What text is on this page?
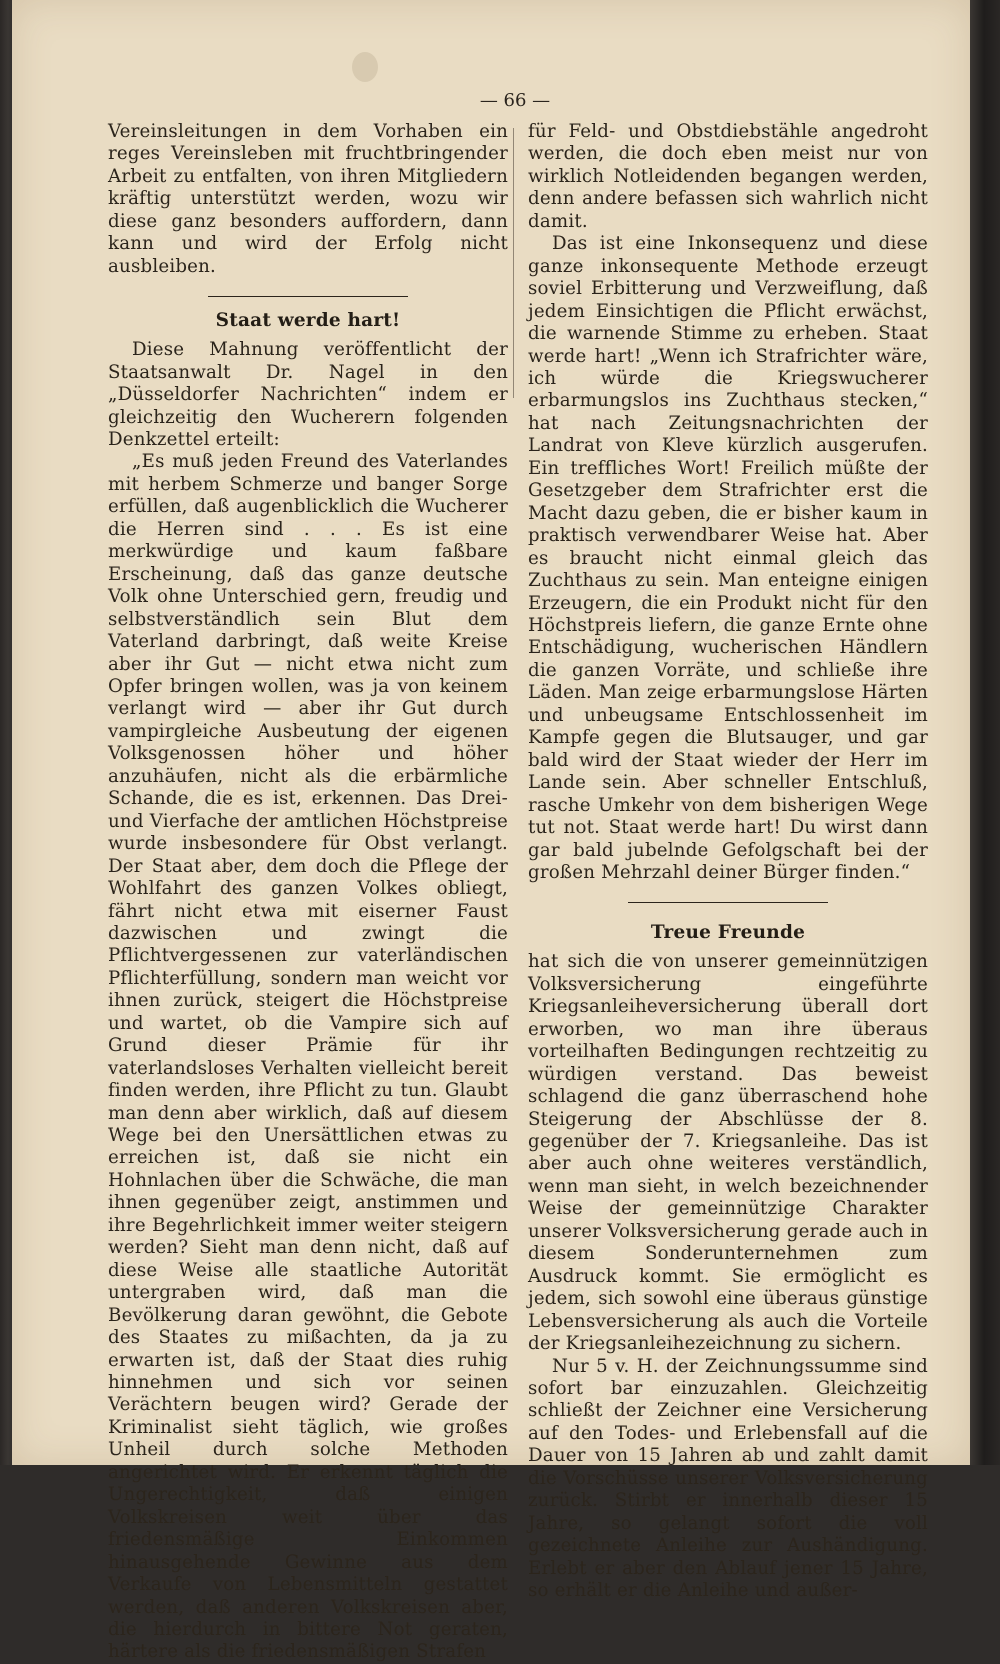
— 66 —

Vereinsleitungen in dem Vorhaben ein reges Vereinsleben mit fruchtbringender Arbeit zu entfalten, von ihren Mitgliedern kräftig unterstützt werden, wozu wir diese ganz besonders auffordern, dann kann und wird der Erfolg nicht ausbleiben.

Staat werde hart!

Diese Mahnung veröffentlicht der Staatsanwalt Dr. Nagel in den „Düsseldorfer Nachrichten“ indem er gleichzeitig den Wucherern folgenden Denkzettel erteilt:

„Es muß jeden Freund des Vaterlandes mit herbem Schmerze und banger Sorge erfüllen, daß augenblicklich die Wucherer die Herren sind . . . Es ist eine merkwürdige und kaum faßbare Erscheinung, daß das ganze deutsche Volk ohne Unterschied gern, freudig und selbstverständlich sein Blut dem Vaterland darbringt, daß weite Kreise aber ihr Gut — nicht etwa nicht zum Opfer bringen wollen, was ja von keinem verlangt wird — aber ihr Gut durch vampirgleiche Ausbeutung der eigenen Volksgenossen höher und höher anzuhäufen, nicht als die erbärmliche Schande, die es ist, erkennen. Das Drei- und Vierfache der amtlichen Höchstpreise wurde insbesondere für Obst verlangt. Der Staat aber, dem doch die Pflege der Wohlfahrt des ganzen Volkes obliegt, fährt nicht etwa mit eiserner Faust dazwischen und zwingt die Pflichtvergessenen zur vaterländischen Pflichterfüllung, sondern man weicht vor ihnen zurück, steigert die Höchstpreise und wartet, ob die Vampire sich auf Grund dieser Prämie für ihr vaterlandsloses Verhalten vielleicht bereit finden werden, ihre Pflicht zu tun. Glaubt man denn aber wirklich, daß auf diesem Wege bei den Unersättlichen etwas zu erreichen ist, daß sie nicht ein Hohnlachen über die Schwäche, die man ihnen gegenüber zeigt, anstimmen und ihre Begehrlichkeit immer weiter steigern werden? Sieht man denn nicht, daß auf diese Weise alle staatliche Autorität untergraben wird, daß man die Bevölkerung daran gewöhnt, die Gebote des Staates zu mißachten, da ja zu erwarten ist, daß der Staat dies ruhig hinnehmen und sich vor seinen Verächtern beugen wird? Gerade der Kriminalist sieht täglich, wie großes Unheil durch solche Methoden angerichtet wird. Er erkennt täglich die Ungerechtigkeit, daß einigen Volkskreisen weit über das friedensmäßige Einkommen hinausgehende Gewinne aus dem Verkaufe von Lebensmitteln gestattet werden, daß anderen Volkskreisen aber, die hierdurch in bittere Not geraten, härtere als die friedensmäßigen Strafen

für Feld- und Obstdiebstähle angedroht werden, die doch eben meist nur von wirklich Notleidenden begangen werden, denn andere befassen sich wahrlich nicht damit.

Das ist eine Inkonsequenz und diese ganze inkonsequente Methode erzeugt soviel Erbitterung und Verzweiflung, daß jedem Einsichtigen die Pflicht erwächst, die warnende Stimme zu erheben. Staat werde hart! „Wenn ich Strafrichter wäre, ich würde die Kriegswucherer erbarmungslos ins Zuchthaus stecken,“ hat nach Zeitungsnachrichten der Landrat von Kleve kürzlich ausgerufen. Ein treffliches Wort! Freilich müßte der Gesetzgeber dem Strafrichter erst die Macht dazu geben, die er bisher kaum in praktisch verwendbarer Weise hat. Aber es braucht nicht einmal gleich das Zuchthaus zu sein. Man enteigne einigen Erzeugern, die ein Produkt nicht für den Höchstpreis liefern, die ganze Ernte ohne Entschädigung, wucherischen Händlern die ganzen Vorräte, und schließe ihre Läden. Man zeige erbarmungslose Härten und unbeugsame Entschlossenheit im Kampfe gegen die Blutsauger, und gar bald wird der Staat wieder der Herr im Lande sein. Aber schneller Entschluß, rasche Umkehr von dem bisherigen Wege tut not. Staat werde hart! Du wirst dann gar bald jubelnde Gefolgschaft bei der großen Mehrzahl deiner Bürger finden.“

Treue Freunde

hat sich die von unserer gemeinnützigen Volksversicherung eingeführte Kriegsanleiheversicherung überall dort erworben, wo man ihre überaus vorteilhaften Bedingungen rechtzeitig zu würdigen verstand. Das beweist schlagend die ganz überraschend hohe Steigerung der Abschlüsse der 8. gegenüber der 7. Kriegsanleihe. Das ist aber auch ohne weiteres verständlich, wenn man sieht, in welch bezeichnender Weise der gemeinnützige Charakter unserer Volksversicherung gerade auch in diesem Sonderunternehmen zum Ausdruck kommt. Sie ermöglicht es jedem, sich sowohl eine überaus günstige Lebensversicherung als auch die Vorteile der Kriegsanleihezeichnung zu sichern.

Nur 5 v. H. der Zeichnungssumme sind sofort bar einzuzahlen. Gleichzeitig schließt der Zeichner eine Versicherung auf den Todes- und Erlebensfall auf die Dauer von 15 Jahren ab und zahlt damit die Vorschüsse unserer Volksversicherung zurück. Stirbt er innerhalb dieser 15 Jahre, so gelangt sofort die voll gezeichnete Anleihe zur Aushändigung. Erlebt er aber den Ablauf jener 15 Jahre, so erhält er die Anleihe und außer-
